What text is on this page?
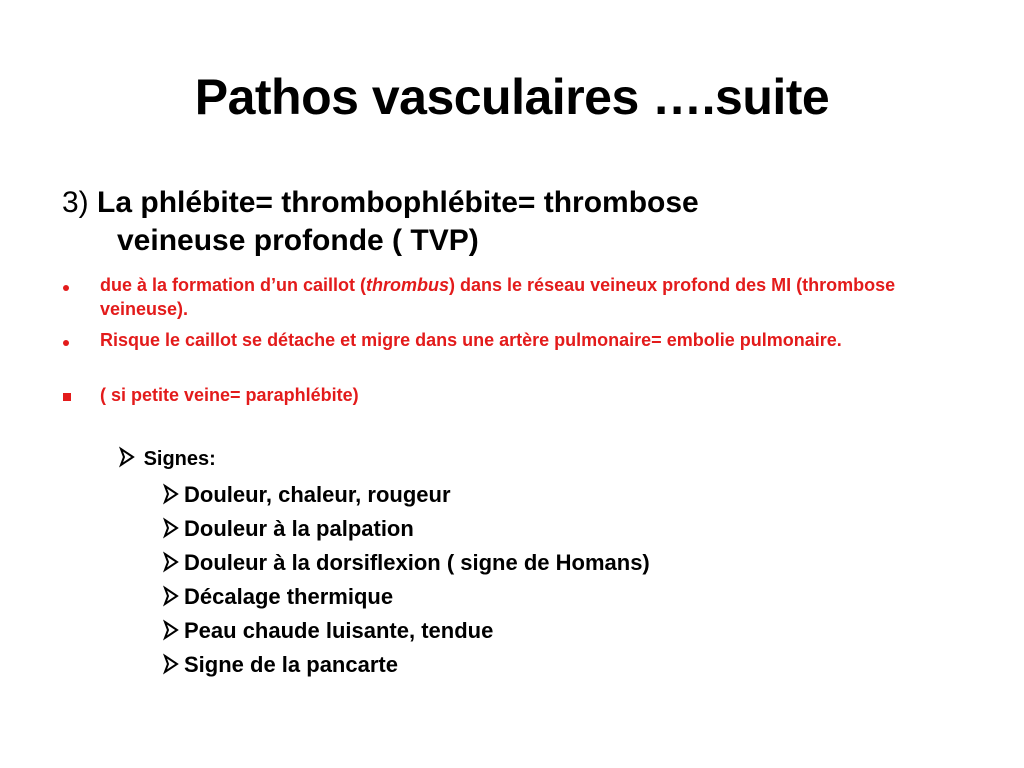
Pathos vasculaires ….suite
3) La phlébite= thrombophlébite= thrombose
veineuse profonde ( TVP)
due à la formation d’un caillot (thrombus) dans le réseau veineux profond des MI (thrombose veineuse).
Risque le caillot se détache et migre dans une artère pulmonaire= embolie pulmonaire.
( si petite veine= paraphlébite)
Signes:
Douleur, chaleur, rougeur
Douleur à la palpation
Douleur à la dorsiflexion ( signe de Homans)
Décalage thermique
Peau chaude luisante, tendue
Signe de la pancarte
